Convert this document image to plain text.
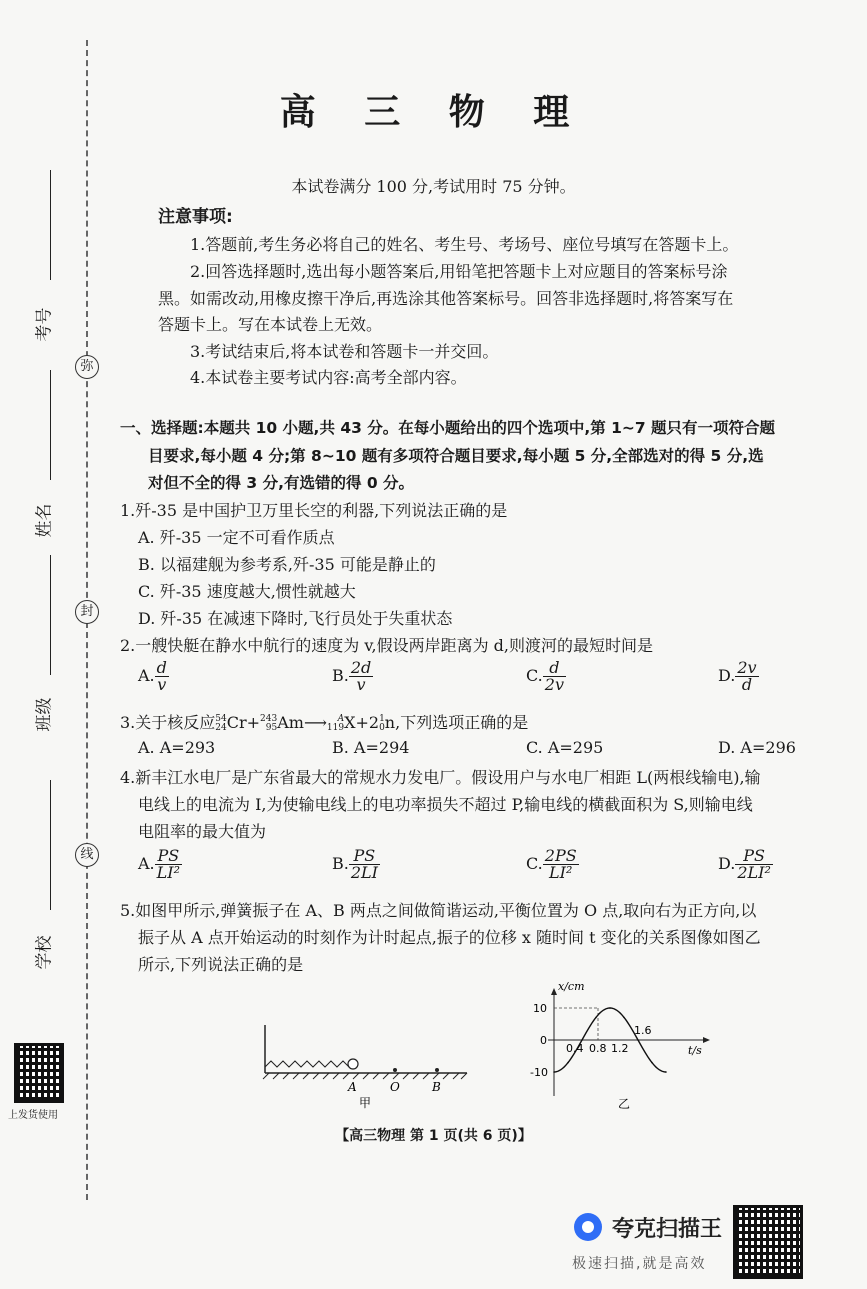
弥
封
线
考号
姓名
班级
学校
上发货使用
高 三 物 理
本试卷满分 100 分,考试用时 75 分钟。
注意事项:
1.答题前,考生务必将自己的姓名、考生号、考场号、座位号填写在答题卡上。
2.回答选择题时,选出每小题答案后,用铅笔把答题卡上对应题目的答案标号涂
黑。如需改动,用橡皮擦干净后,再选涂其他答案标号。回答非选择题时,将答案写在
答题卡上。写在本试卷上无效。
3.考试结束后,将本试卷和答题卡一并交回。
4.本试卷主要考试内容:高考全部内容。
一、选择题:本题共 10 小题,共 43 分。在每小题给出的四个选项中,第 1~7 题只有一项符合题
目要求,每小题 4 分;第 8~10 题有多项符合题目要求,每小题 5 分,全部选对的得 5 分,选
对但不全的得 3 分,有选错的得 0 分。
1.歼-35 是中国护卫万里长空的利器,下列说法正确的是
A. 歼-35 一定不可看作质点
B. 以福建舰为参考系,歼-35 可能是静止的
C. 歼-35 速度越大,惯性就越大
D. 歼-35 在减速下降时,飞行员处于失重状态
2.一艘快艇在静水中航行的速度为 v,假设两岸距离为 d,则渡河的最短时间是
A. $\frac{d}{v}$	B. $\frac{2d}{v}$	C. $\frac{d}{2v}$	D. $\frac{2v}{d}$
3.关于核反应 54
24 Cr+ 243
95 Am⟶	A
119 X+2 1
0 n,下列选项正确的是
A. A=293	B. A=294	C. A=295	D. A=296
4.新丰江水电厂是广东省最大的常规水力发电厂。假设用户与水电厂相距 L(两根线输电),输
电线上的电流为 I,为使输电线上的电功率损失不超过 P,输电线的横截面积为 S,则输电线
电阻率的最大值为
A. $\frac{PS}{\text{LI²}}$	B. $\frac{PS}{2LI}$	C. $\frac{2PS}{\text{LI²}}$	D. $\frac{PS}{\text{2LI²}}$
5.如图甲所示,弹簧振子在 A、B 两点之间做简谐运动,平衡位置为 O 点,取向右为正方向,以
振子从 A 点开始运动的时刻作为计时起点,振子的位移 x 随时间 t 变化的关系图像如图乙
所示,下列说法正确的是
A	O	B
甲
x/cm
t/s
10
0
-10
0.4 0.8 1.2
1.6
乙
【高三物理 第 1 页(共 6 页)】
夸克扫描王
极速扫描,就是高效
